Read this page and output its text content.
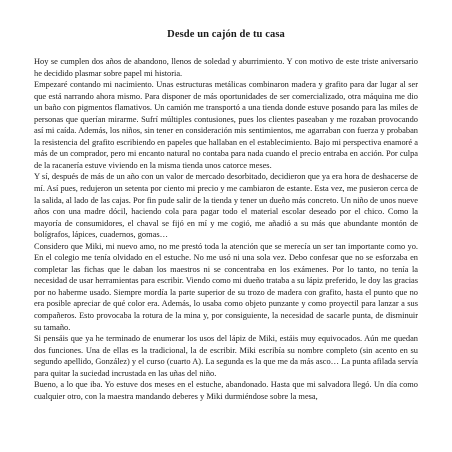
Desde un cajón de tu casa

Hoy se cumplen dos años de abandono, llenos de soledad y aburrimiento. Y con motivo de este triste aniversario he decidido plasmar sobre papel mi historia.

Empezaré contando mi nacimiento. Unas estructuras metálicas combinaron madera y grafito para dar lugar al ser que está narrando ahora mismo. Para disponer de más oportunidades de ser comercializado, otra máquina me dio un baño con pigmentos flamativos. Un camión me transportó a una tienda donde estuve posando para las miles de personas que querían mirarme. Sufrí múltiples contusiones, pues los clientes paseaban y me rozaban provocando así mi caída. Además, los niños, sin tener en consideración mis sentimientos, me agarraban con fuerza y probaban la resistencia del grafito escribiendo en papeles que hallaban en el establecimiento. Bajo mi perspectiva enamoré a más de un comprador, pero mi encanto natural no contaba para nada cuando el precio entraba en acción. Por culpa de la racanería estuve viviendo en la misma tienda unos catorce meses.

Y sí, después de más de un año con un valor de mercado desorbitado, decidieron que ya era hora de deshacerse de mí. Así pues, redujeron un setenta por ciento mi precio y me cambiaron de estante. Esta vez, me pusieron cerca de la salida, al lado de las cajas. Por fin pude salir de la tienda y tener un dueño más concreto. Un niño de unos nueve años con una madre dócil, haciendo cola para pagar todo el material escolar deseado por el chico. Como la mayoría de consumidores, el chaval se fijó en mí y me cogió, me añadió a su más que abundante montón de bolígrafos, lápices, cuadernos, gomas…

Considero que Miki, mi nuevo amo, no me prestó toda la atención que se merecía un ser tan importante como yo. En el colegio me tenía olvidado en el estuche. No me usó ni una sola vez. Debo confesar que no se esforzaba en completar las fichas que le daban los maestros ni se concentraba en los exámenes. Por lo tanto, no tenía la necesidad de usar herramientas para escribir. Viendo como mi dueño trataba a su lápiz preferido, le doy las gracias por no haberme usado. Siempre mordía la parte superior de su trozo de madera con grafito, hasta el punto que no era posible apreciar de qué color era. Además, lo usaba como objeto punzante y como proyectil para lanzar a sus compañeros. Esto provocaba la rotura de la mina y, por consiguiente, la necesidad de sacarle punta, de disminuir su tamaño.

Si pensáis que ya he terminado de enumerar los usos del lápiz de Miki, estáis muy equivocados. Aún me quedan dos funciones. Una de ellas es la tradicional, la de escribir. Miki escribía su nombre completo (sin acento en su segundo apellido, González) y el curso (cuarto A). La segunda es la que me da más asco… La punta afilada servía para quitar la suciedad incrustada en las uñas del niño.

Bueno, a lo que iba. Yo estuve dos meses en el estuche, abandonado. Hasta que mi salvadora llegó. Un día como cualquier otro, con la maestra mandando deberes y Miki durmiéndose sobre la mesa,
